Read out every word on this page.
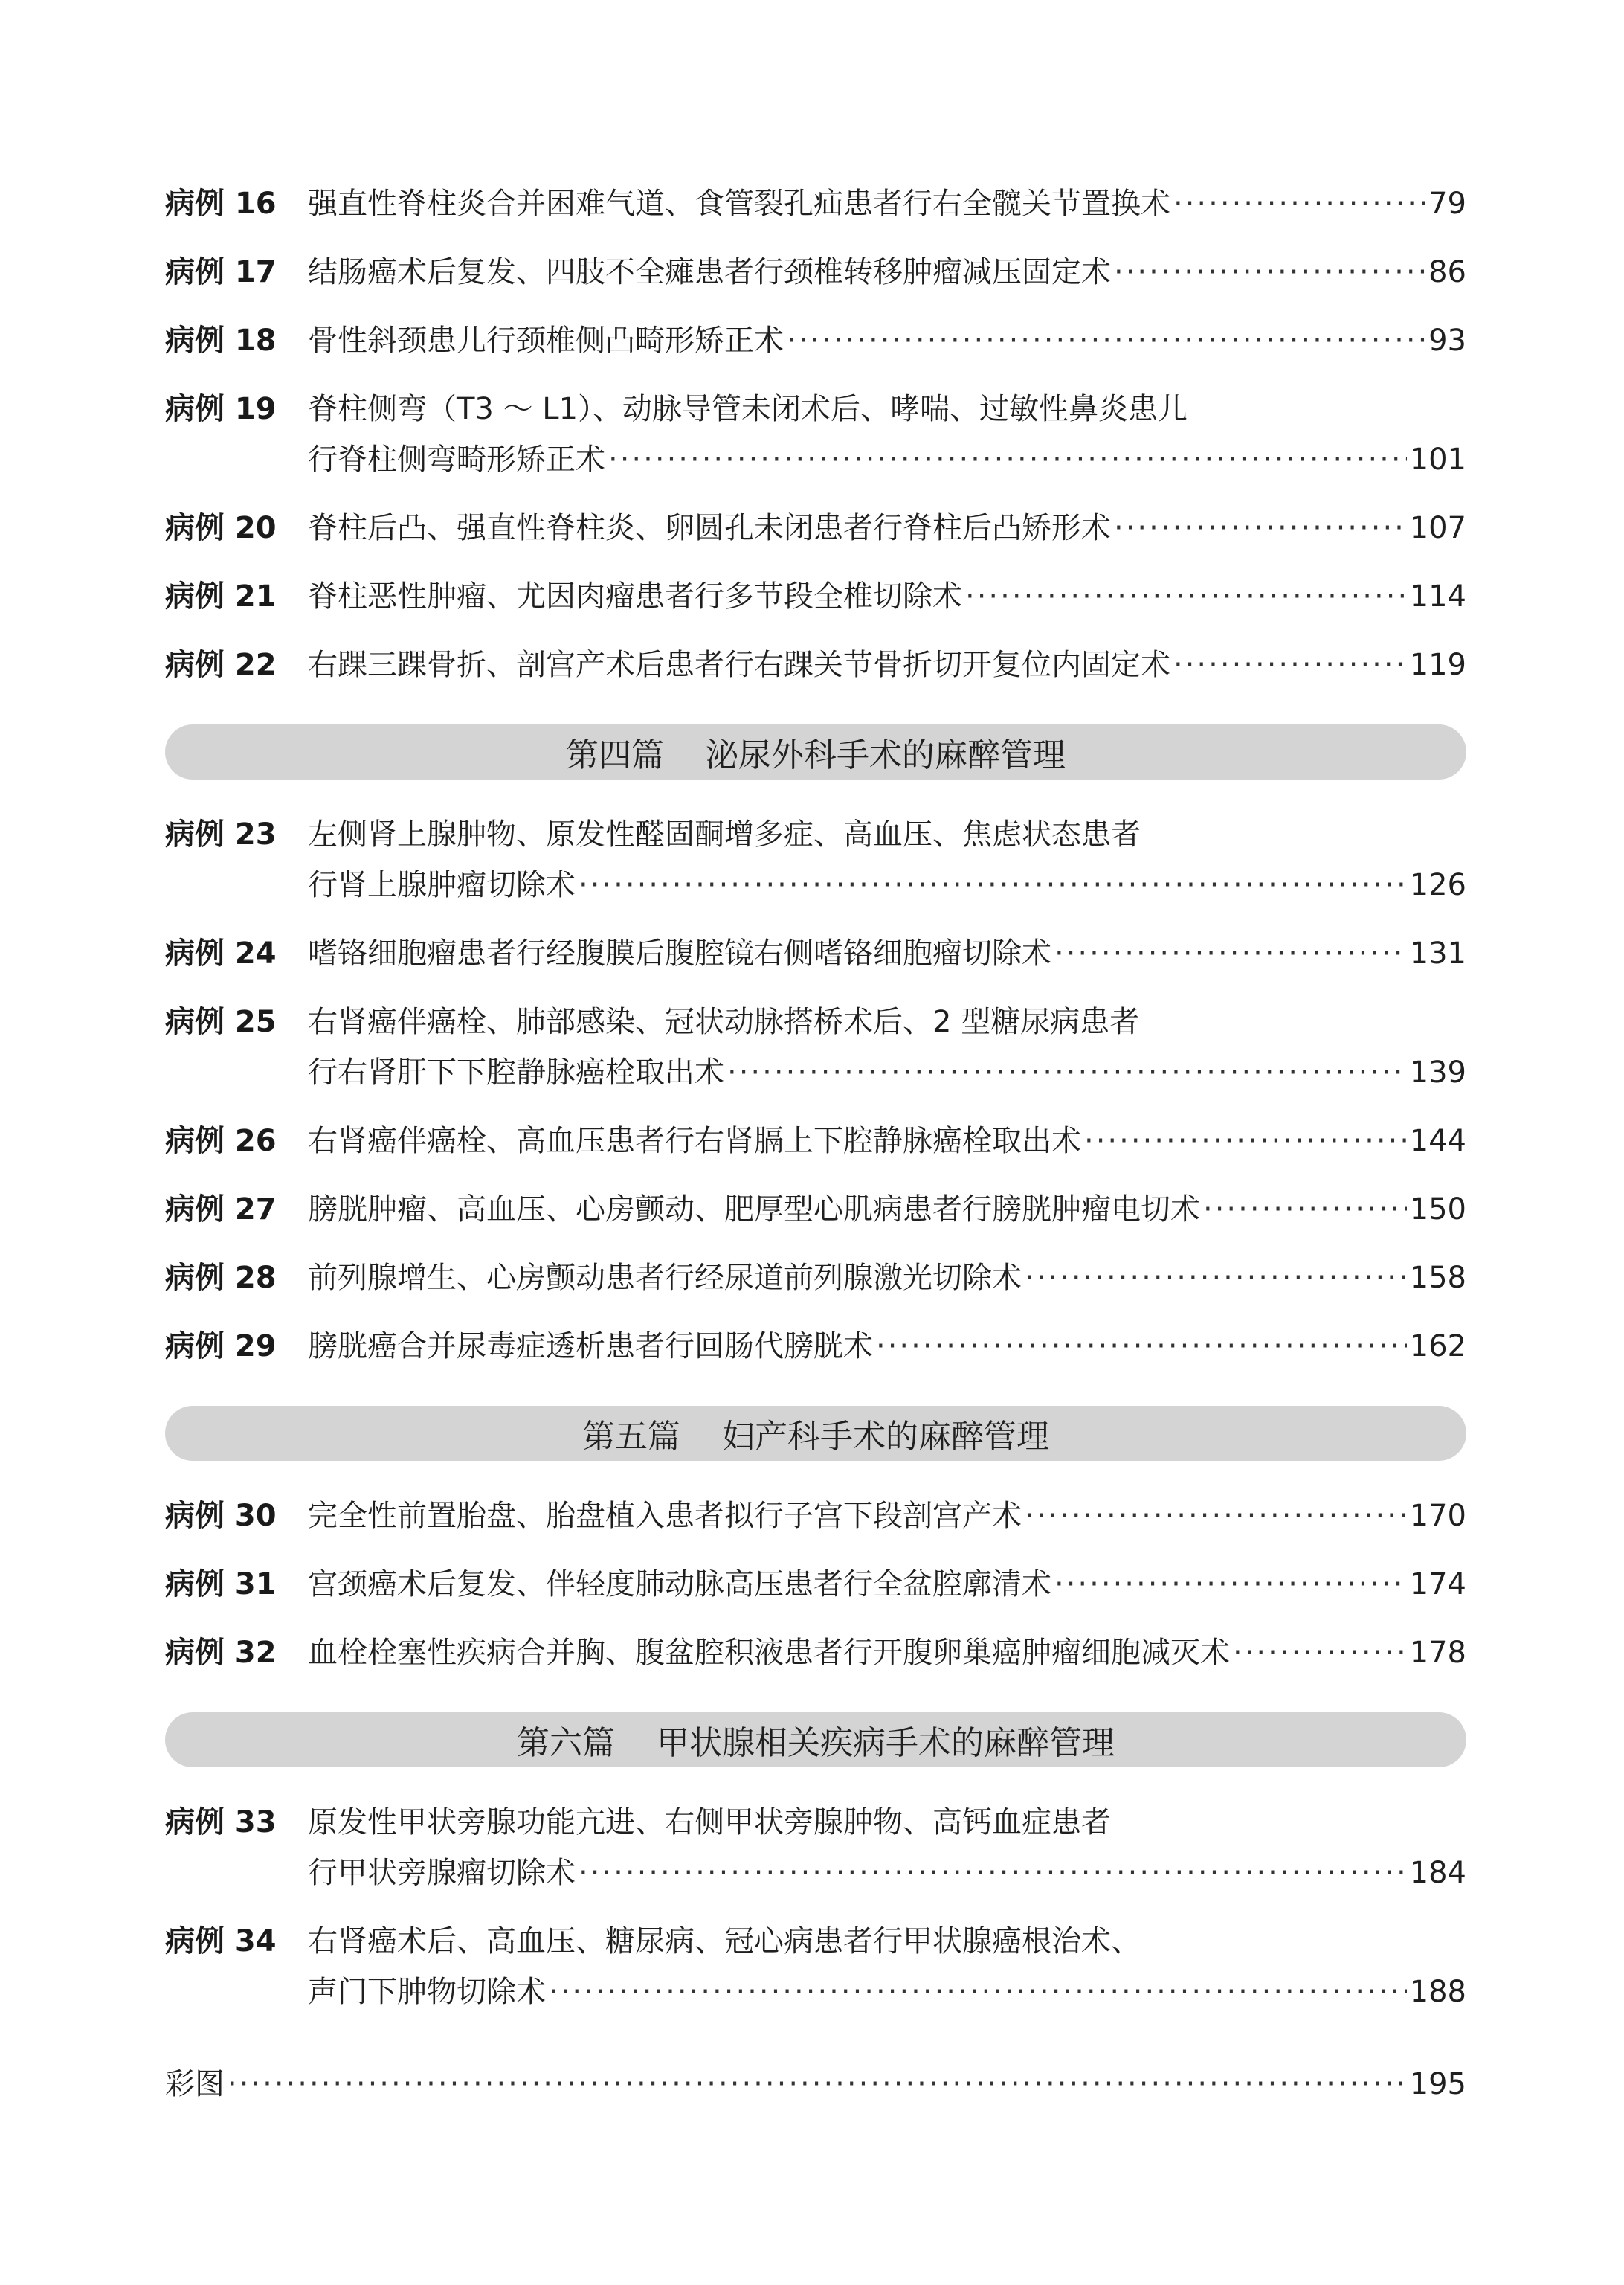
病例 16	强直性脊柱炎合并困难气道、食管裂孔疝患者行右全髋关节置换术 ·····	79
病例 17	结肠癌术后复发、四肢不全瘫患者行颈椎转移肿瘤减压固定术 ·····	86
病例 18	骨性斜颈患儿行颈椎侧凸畸形矫正术 ·····	93
病例 19	脊柱侧弯（T3 ～ L1）、动脉导管未闭术后、哮喘、过敏性鼻炎患儿
行脊柱侧弯畸形矫正术 ·····	101
病例 20	脊柱后凸、强直性脊柱炎、卵圆孔未闭患者行脊柱后凸矫形术 ·····	107
病例 21	脊柱恶性肿瘤、尤因肉瘤患者行多节段全椎切除术 ·····	114
病例 22	右踝三踝骨折、剖宫产术后患者行右踝关节骨折切开复位内固定术 ·····	119
第四篇 泌尿外科手术的麻醉管理
病例 23	左侧肾上腺肿物、原发性醛固酮增多症、高血压、焦虑状态患者
行肾上腺肿瘤切除术 ·····	126
病例 24	嗜铬细胞瘤患者行经腹膜后腹腔镜右侧嗜铬细胞瘤切除术 ·····	131
病例 25	右肾癌伴癌栓、肺部感染、冠状动脉搭桥术后、2 型糖尿病患者
行右肾肝下下腔静脉癌栓取出术 ·····	139
病例 26	右肾癌伴癌栓、高血压患者行右肾膈上下腔静脉癌栓取出术 ·····	144
病例 27	膀胱肿瘤、高血压、心房颤动、肥厚型心肌病患者行膀胱肿瘤电切术 ·····	150
病例 28	前列腺增生、心房颤动患者行经尿道前列腺激光切除术 ·····	158
病例 29	膀胱癌合并尿毒症透析患者行回肠代膀胱术 ·····	162
第五篇 妇产科手术的麻醉管理
病例 30	完全性前置胎盘、胎盘植入患者拟行子宫下段剖宫产术 ·····	170
病例 31	宫颈癌术后复发、伴轻度肺动脉高压患者行全盆腔廓清术 ·····	174
病例 32	血栓栓塞性疾病合并胸、腹盆腔积液患者行开腹卵巢癌肿瘤细胞减灭术 ·····	178
第六篇 甲状腺相关疾病手术的麻醉管理
病例 33	原发性甲状旁腺功能亢进、右侧甲状旁腺肿物、高钙血症患者
行甲状旁腺瘤切除术 ·····	184
病例 34	右肾癌术后、高血压、糖尿病、冠心病患者行甲状腺癌根治术、
声门下肿物切除术 ·····	188
彩图 ·····	195
